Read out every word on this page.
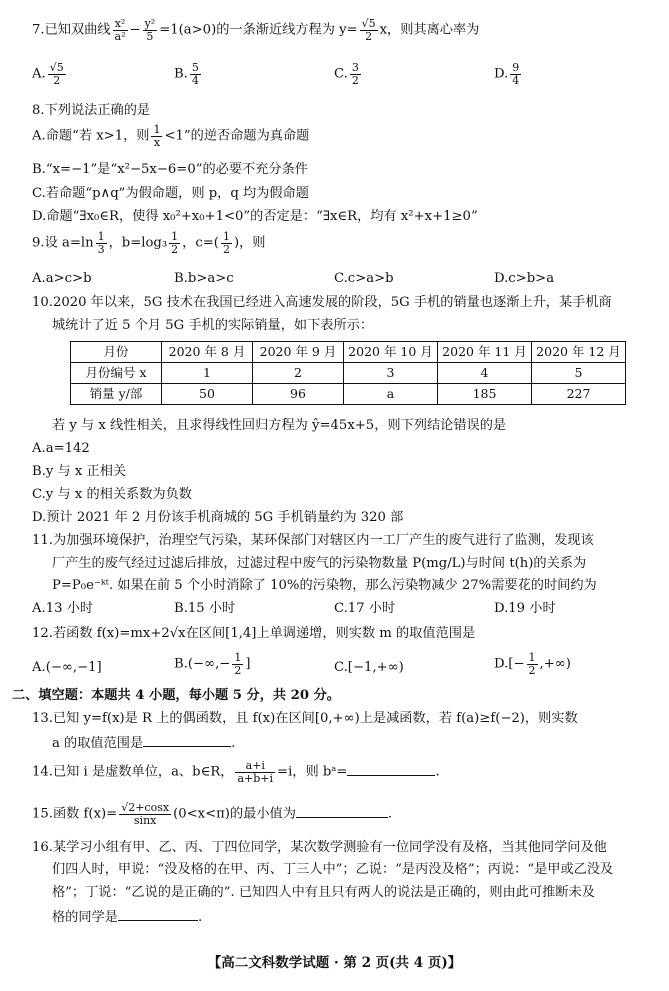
7.已知双曲线 $\frac{\text{x²}}{\text{a²}} - \frac{\text{y²}}{5} =1(a>0)$的一条渐近线方程为 $y= \frac{√5}{2}$ x，则其离心率为
A. $\frac{√5}{2}$	B. $\frac{5}{4}$	C. $\frac{3}{2}$	D. $\frac{9}{4}$
8.下列说法正确的是
A.命题“若 x>1，则 $\frac{1}{x} <1$”的逆否命题为真命题
B.“x=−1”是“x²−5x−6=0”的必要不充分条件
C.若命题“p∧q”为假命题，则 p，q 均为假命题
D.命题“∃x₀∈R，使得 x₀²+x₀+1<0”的否定是：“∃x∈R，均有 x²+x+1≥0”
9.设 $a=\ln \frac{1}{3}$ ，$b=\log_3 \frac{1}{2}$ ，$c=( \frac{1}{2}$ )，则
A.a>c>b	B.b>a>c	C.c>a>b	D.c>b>a
10.2020 年以来，5G 技术在我国已经进入高速发展的阶段，5G 手机的销量也逐渐上升，某手机商
城统计了近 5 个月 5G 手机的实际销量，如下表所示：
月份	2020 年 8 月	2020 年 9 月	2020 年 10 月	2020 年 11 月	2020 年 12 月
月份编号 x	1	2	3	4	5
销量 y/部	50	96	a	185	227
若 y 与 x 线性相关，且求得线性回归方程为 ŷ=45x+5，则下列结论错误的是
A.a=142
B.y 与 x 正相关
C.y 与 x 的相关系数为负数
D.预计 2021 年 2 月份该手机商城的 5G 手机销量约为 320 部
11.为加强环境保护，治理空气污染，某环保部门对辖区内一工厂产生的废气进行了监测，发现该
厂产生的废气经过过滤后排放，过滤过程中废气的污染物数量 P(mg/L)与时间 t(h)的关系为
P=P₀e⁻ᵏᵗ. 如果在前 5 个小时消除了 10%的污染物，那么污染物减少 27%需要花的时间约为
A.13 小时	B.15 小时	C.17 小时	D.19 小时
12.若函数 f(x)=mx+2√x在区间[1,4]上单调递增，则实数 m 的取值范围是
A.(−∞,−1]	$B.(-\infty,- \frac{1}{2}$ ]	C.[−1,+∞)	$D.[- \frac{1}{2}$ ,+∞)
二、填空题：本题共 4 小题，每小题 5 分，共 20 分。
13.已知 y=f(x)是 R 上的偶函数，且 f(x)在区间[0,+∞)上是减函数，若 f(a)≥f(−2)，则实数
a 的取值范围是	.
14.已知 i 是虚数单位，a、b∈R， $\frac{a+i}{a+b+i} =i$，则 bᵃ=	.
15.函数 $f(x)= \frac{√2+\cos x}{\sin x} (0<x<\pi)$的最小值为	.
16.某学习小组有甲、乙、丙、丁四位同学，某次数学测验有一位同学没有及格，当其他同学问及他
们四人时，甲说：“没及格的在甲、丙、丁三人中”；乙说：“是丙没及格”；丙说：“是甲或乙没及
格”；丁说：“乙说的是正确的”. 已知四人中有且只有两人的说法是正确的，则由此可推断未及
格的同学是	.
【高二文科数学试题 · 第 2 页(共 4 页)】
